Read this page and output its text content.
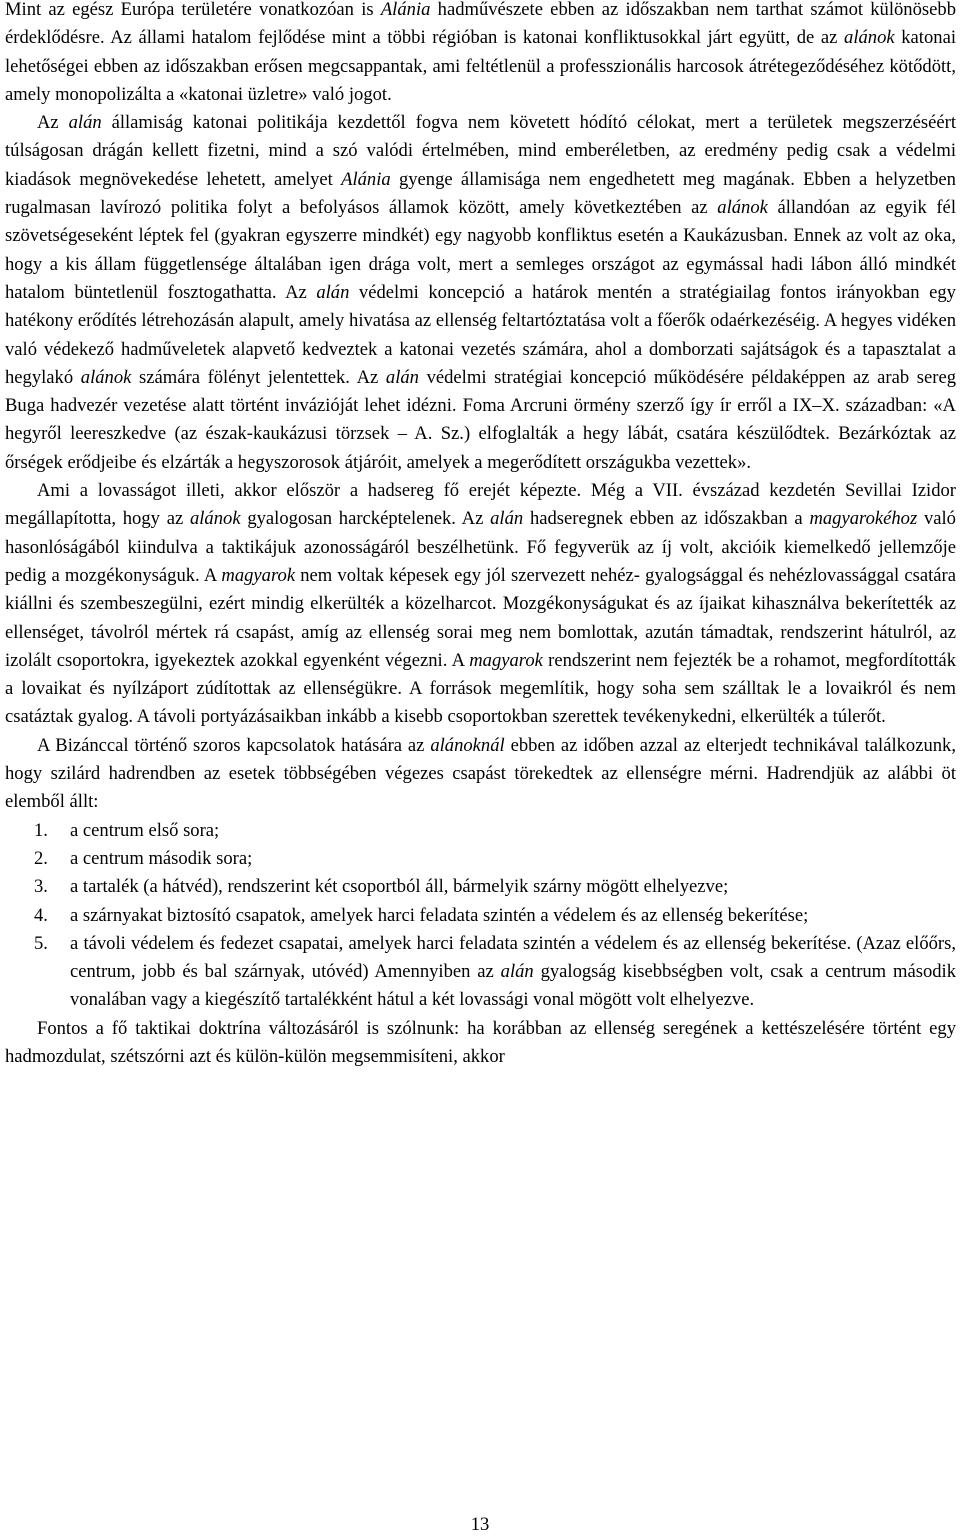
Mint az egész Európa területére vonatkozóan is Alánia hadművészete ebben az időszakban nem tarthat számot különösebb érdeklődésre. Az állami hatalom fejlődése mint a többi régióban is katonai konfliktusokkal járt együtt, de az alánok katonai lehetőségei ebben az időszakban erősen megcsappantak, ami feltétlenül a professzionális harcosok átrétegeződéséhez kötődött, amely monopolizálta a «katonai üzletre» való jogot.

Az alán államiság katonai politikája kezdettől fogva nem követett hódító célokat, mert a területek megszerzéséért túlságosan drágán kellett fizetni, mind a szó valódi értelmében, mind emberéletben, az eredmény pedig csak a védelmi kiadások megnövekedése lehetett, amelyet Alánia gyenge államisága nem engedhetett meg magának. Ebben a helyzetben rugalmasan lavírozó politika folyt a befolyásos államok között, amely következtében az alánok állandóan az egyik fél szövetségeseként léptek fel (gyakran egyszerre mindkét) egy nagyobb konfliktus esetén a Kaukázusban. Ennek az volt az oka, hogy a kis állam függetlensége általában igen drága volt, mert a semleges országot az egymással hadi lábon álló mindkét hatalom büntetlenül fosztogathatta. Az alán védelmi koncepció a határok mentén a stratégiailag fontos irányokban egy hatékony erődítés létrehozásán alapult, amely hivatása az ellenség feltartóztatása volt a főerők odaérkezéséig. A hegyes vidéken való védekező hadműveletek alapvető kedveztek a katonai vezetés számára, ahol a domborzati sajátságok és a tapasztalat a hegylakó alánok számára fölényt jelentettek. Az alán védelmi stratégiai koncepció működésére példaképpen az arab sereg Buga hadvezér vezetése alatt történt invázióját lehet idézni. Foma Arcruni örmény szerző így ír erről a IX–X. században: «A hegyről leereszkedve (az észak-kaukázusi törzsek – A. Sz.) elfoglalták a hegy lábát, csatára készülődtek. Bezárkóztak az őrségek erődjeibe és elzárták a hegyszorosok átjáróit, amelyek a megerődített országukba vezettek».

Ami a lovasságot illeti, akkor először a hadsereg fő erejét képezte. Még a VII. évszázad kezdetén Sevillai Izidor megállapította, hogy az alánok gyalogosan harcképtelenek. Az alán hadseregnek ebben az időszakban a magyarokéhoz való hasonlóságából kiindulva a taktikájuk azonosságáról beszélhetünk. Fő fegyverük az íj volt, akcióik kiemelkedő jellemzője pedig a mozgékonyságuk. A magyarok nem voltak képesek egy jól szervezett nehéz- gyalogsággal és nehézlovassággal csatára kiállni és szembeszegülni, ezért mindig elkerülték a közelharcot. Mozgékonyságukat és az íjaikat kihasználva bekerítették az ellenséget, távolról mértek rá csapást, amíg az ellenség sorai meg nem bomlottak, azután támadtak, rendszerint hátulról, az izolált csoportokra, igyekeztek azokkal egyenként végezni. A magyarok rendszerint nem fejezték be a rohamot, megfordították a lovaikat és nyílzáport zúdítottak az ellenségükre. A források megemlítik, hogy soha sem szálltak le a lovaikról és nem csatáztak gyalog. A távoli portyázásaikban inkább a kisebb csoportokban szerettek tevékenykedni, elkerülték a túlerőt.

A Bizánccal történő szoros kapcsolatok hatására az alánoknál ebben az időben azzal az elterjedt technikával találkozunk, hogy szilárd hadrendben az esetek többségében végezes csapást törekedtek az ellenségre mérni. Hadrendjük az alábbi öt elemből állt:

1. a centrum első sora;
2. a centrum második sora;
3. a tartalék (a hátvéd), rendszerint két csoportból áll, bármelyik szárny mögött elhelyezve;
4. a szárnyakat biztosító csapatok, amelyek harci feladata szintén a védelem és az ellenség bekerítése;
5. a távoli védelem és fedezet csapatai, amelyek harci feladata szintén a védelem és az ellenség bekerítése. (Azaz előőrs, centrum, jobb és bal szárnyak, utóvéd) Amennyiben az alán gyalogság kisebbségben volt, csak a centrum második vonalában vagy a kiegészítő tartalékként hátul a két lovassági vonal mögött volt elhelyezve.

Fontos a fő taktikai doktrína változásáról is szólnunk: ha korábban az ellenség seregének a kettészelésére történt egy hadmozdulat, szétszórni azt és külön-külön megsemmisíteni, akkor

13
